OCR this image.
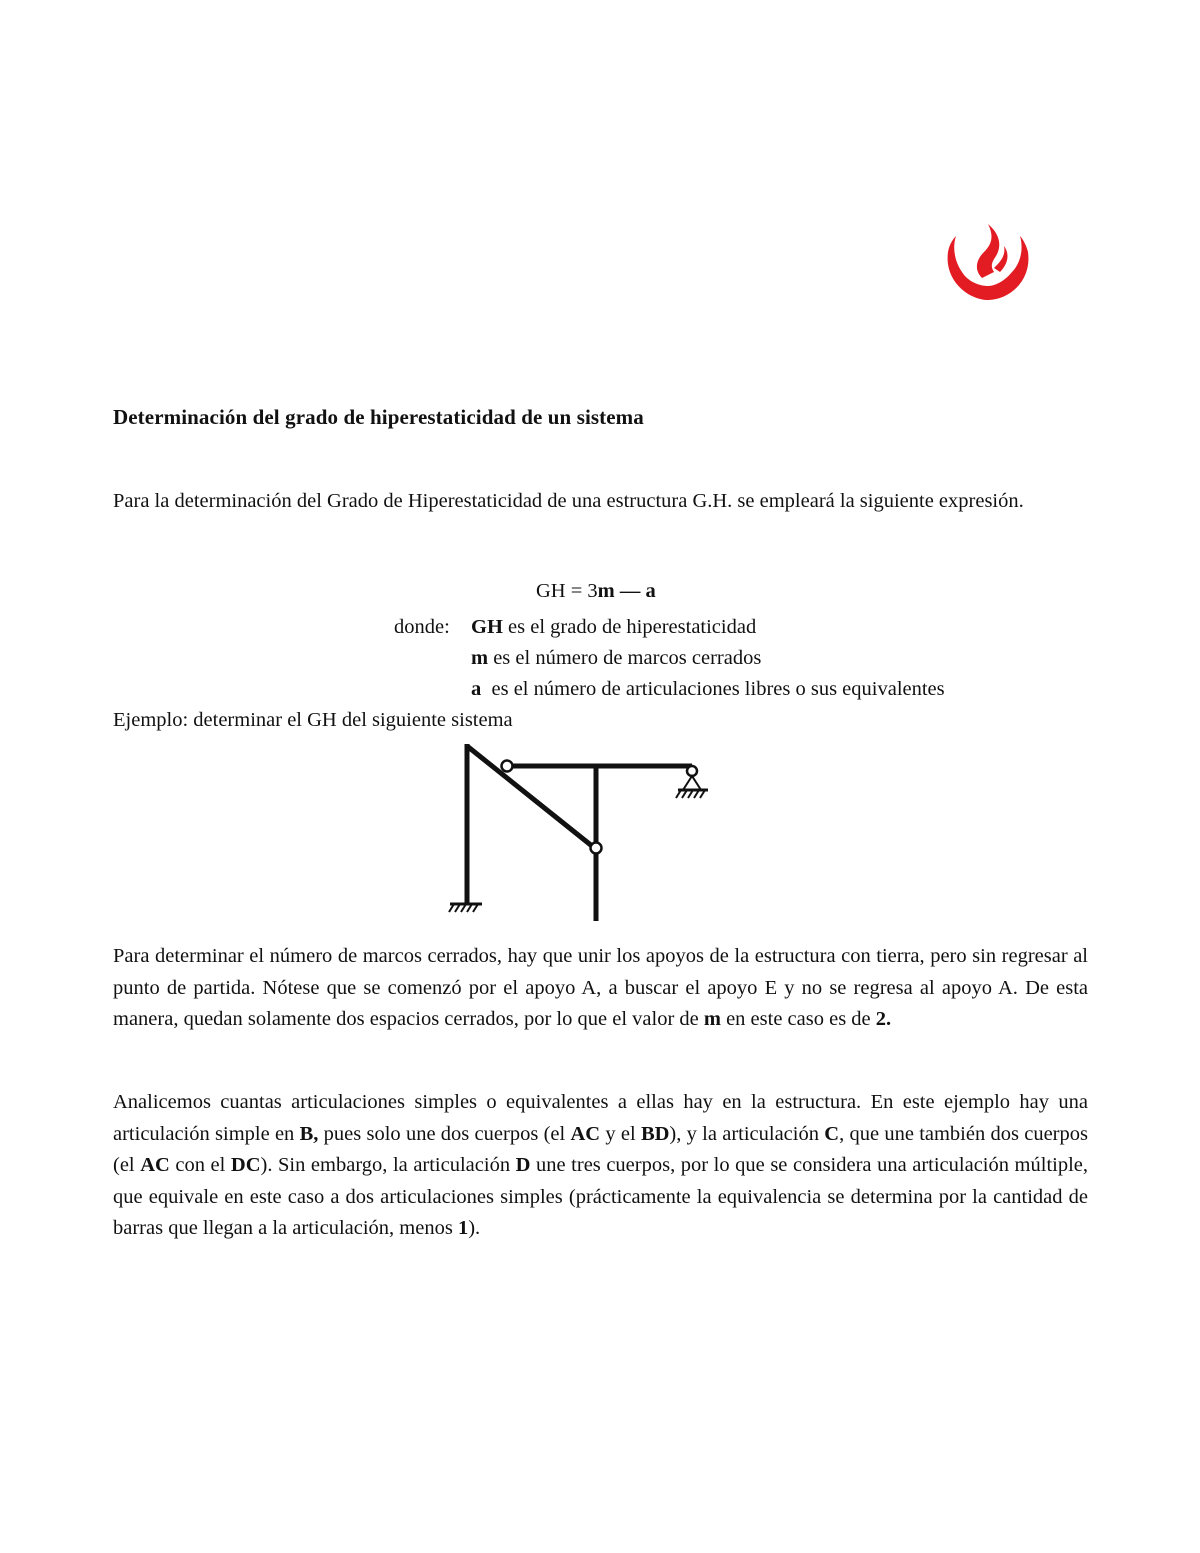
Determinación del grado de hiperestaticidad de un sistema

Para la determinación del Grado de Hiperestaticidad de una estructura G.H. se empleará la siguiente expresión.

GH = 3m — a

donde: GH es el grado de hiperestaticidad

m es el número de marcos cerrados

a  es el número de articulaciones libres o sus equivalentes

Ejemplo: determinar el GH del siguiente sistema

Para determinar el número de marcos cerrados, hay que unir los apoyos de la estructura con tierra, pero sin regresar al punto de partida. Nótese que se comenzó por el apoyo A, a buscar el apoyo E y no se regresa al apoyo A. De esta manera, quedan solamente dos espacios cerrados, por lo que el valor de m en este caso es de 2.

Analicemos cuantas articulaciones simples o equivalentes a ellas hay en la estructura. En este ejemplo hay una articulación simple en B, pues solo une dos cuerpos (el AC y el BD), y la articulación C, que une también dos cuerpos (el AC con el DC). Sin embargo, la articulación D une tres cuerpos, por lo que se considera una articulación múltiple, que equivale en este caso a dos articulaciones simples (prácticamente la equivalencia se determina por la cantidad de barras que llegan a la articulación, menos 1).
